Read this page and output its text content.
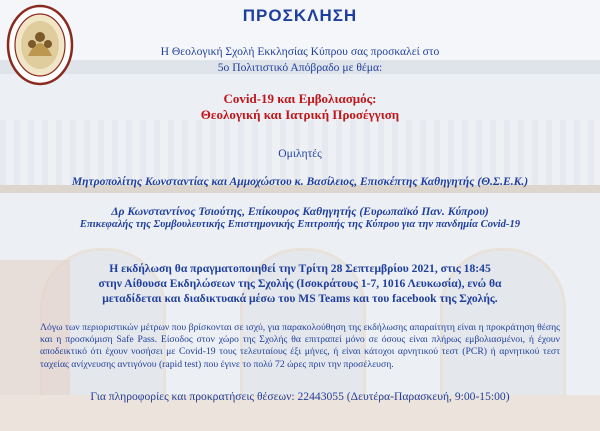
ΠΡΟΣΚΛΗΣΗ
Η Θεολογική Σχολή Εκκλησίας Κύπρου σας προσκαλεί στο
5ο Πολιτιστικό Απόβραδο με θέμα:
Covid-19 και Εμβολιασμός:
Θεολογική και Ιατρική Προσέγγιση
Ομιλητές
Μητροπολίτης Κωνσταντίας και Αμμοχώστου κ. Βασίλειος, Επισκέπτης Καθηγητής (Θ.Σ.Ε.Κ.)
Δρ Κωνσταντίνος Τσιούτης, Επίκουρος Καθηγητής (Ευρωπαϊκό Παν. Κύπρου)
Επικεφαλής της Συμβουλευτικής Επιστημονικής Επιτροπής της Κύπρου για την πανδημία Covid-19
Η εκδήλωση θα πραγματοποιηθεί την Τρίτη 28 Σεπτεμβρίου 2021, στις 18:45
στην Αίθουσα Εκδηλώσεων της Σχολής (Ισοκράτους 1-7, 1016 Λευκωσία), ενώ θα
μεταδίδεται και διαδικτυακά μέσω του MS Teams και του facebook της Σχολής.
Λόγω των περιοριστικών μέτρων που βρίσκονται σε ισχύ, για παρακολούθηση της εκδήλωσης απαραίτητη είναι η προκράτηση θέσης και η προσκόμιση Safe Pass. Είσοδος στον χώρο της Σχολής θα επιτραπεί μόνο σε όσους είναι πλήρως εμβολιασμένοι, ή έχουν αποδεικτικό ότι έχουν νοσήσει με Covid-19 τους τελευταίους έξι μήνες, ή είναι κάτοχοι αρνητικού τεστ (PCR) ή αρνητικού τεστ ταχείας ανίχνευσης αντιγόνου (rapid test) που έγινε το πολύ 72 ώρες πριν την προσέλευση.
Για πληροφορίες και προκρατήσεις θέσεων: 22443055 (Δευτέρα-Παρασκευή, 9:00-15:00)
